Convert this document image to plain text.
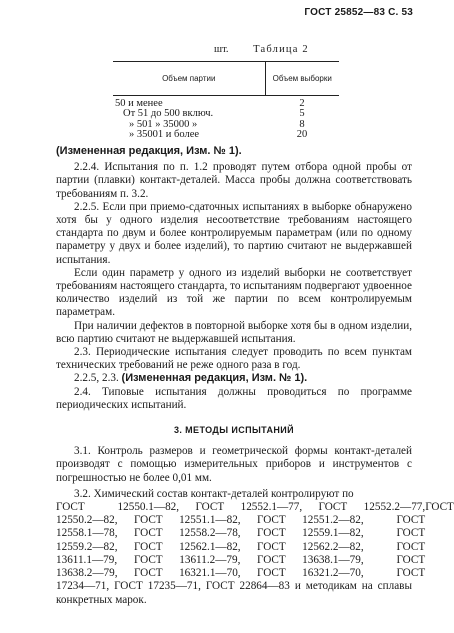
ГОСТ 25852—83 С. 53
шт. Таблица 2
Объем партии	Объем выборки
50 и менее	2
От 51 до 500 включ.	5
» 501 » 35000 »	8
» 35001 и более	20

(Измененная редакция, Изм. № 1).

2.2.4. Испытания по п. 1.2 проводят путем отбора одной пробы от партии (плавки) контакт-деталей. Масса пробы должна соответствовать требованиям п. 3.2.

2.2.5. Если при приемо-сдаточных испытаниях в выборке обнаружено хотя бы у одного изделия несоответствие требованиям настоящего стандарта по двум и более контролируемым параметрам (или по одному параметру у двух и более изделий), то партию считают не выдержавшей испытания.

Если один параметр у одного из изделий выборки не соответствует требованиям настоящего стандарта, то испытаниям подвергают удвоенное количество изделий из той же партии по всем контролируемым параметрам.

При наличии дефектов в повторной выборке хотя бы в одном изделии, всю партию считают не выдержавшей испытания.

2.3. Периодические испытания следует проводить по всем пунктам технических требований не реже одного раза в год.

2.2.5, 2.3. (Измененная редакция, Изм. № 1).

2.4. Типовые испытания должны проводиться по программе периодических испытаний.

3. МЕТОДЫ ИСПЫТАНИЙ

3.1. Контроль размеров и геометрической формы контакт-деталей производят с помощью измерительных приборов и инструментов с погрешностью не более 0,01 мм.

3.2. Химический состав контакт-деталей контролируют по

ГОСТ	12550.1—82,	ГОСТ	12552.1—77,	ГОСТ	12552.2—77,	ГОСТ
12550.2—82,	ГОСТ	12551.1—82,	ГОСТ	12551.2—82,	ГОСТ	
12558.1—78,	ГОСТ	12558.2—78,	ГОСТ	12559.1—82,	ГОСТ	
12559.2—82,	ГОСТ	12562.1—82,	ГОСТ	12562.2—82,	ГОСТ	
13611.1—79,	ГОСТ	13611.2—79,	ГОСТ	13638.1—79,	ГОСТ	
13638.2—79,	ГОСТ	16321.1—70,	ГОСТ	16321.2—70,	ГОСТ	

17234—71, ГОСТ 17235—71, ГОСТ 22864—83 и методикам на сплавы конкретных марок.
